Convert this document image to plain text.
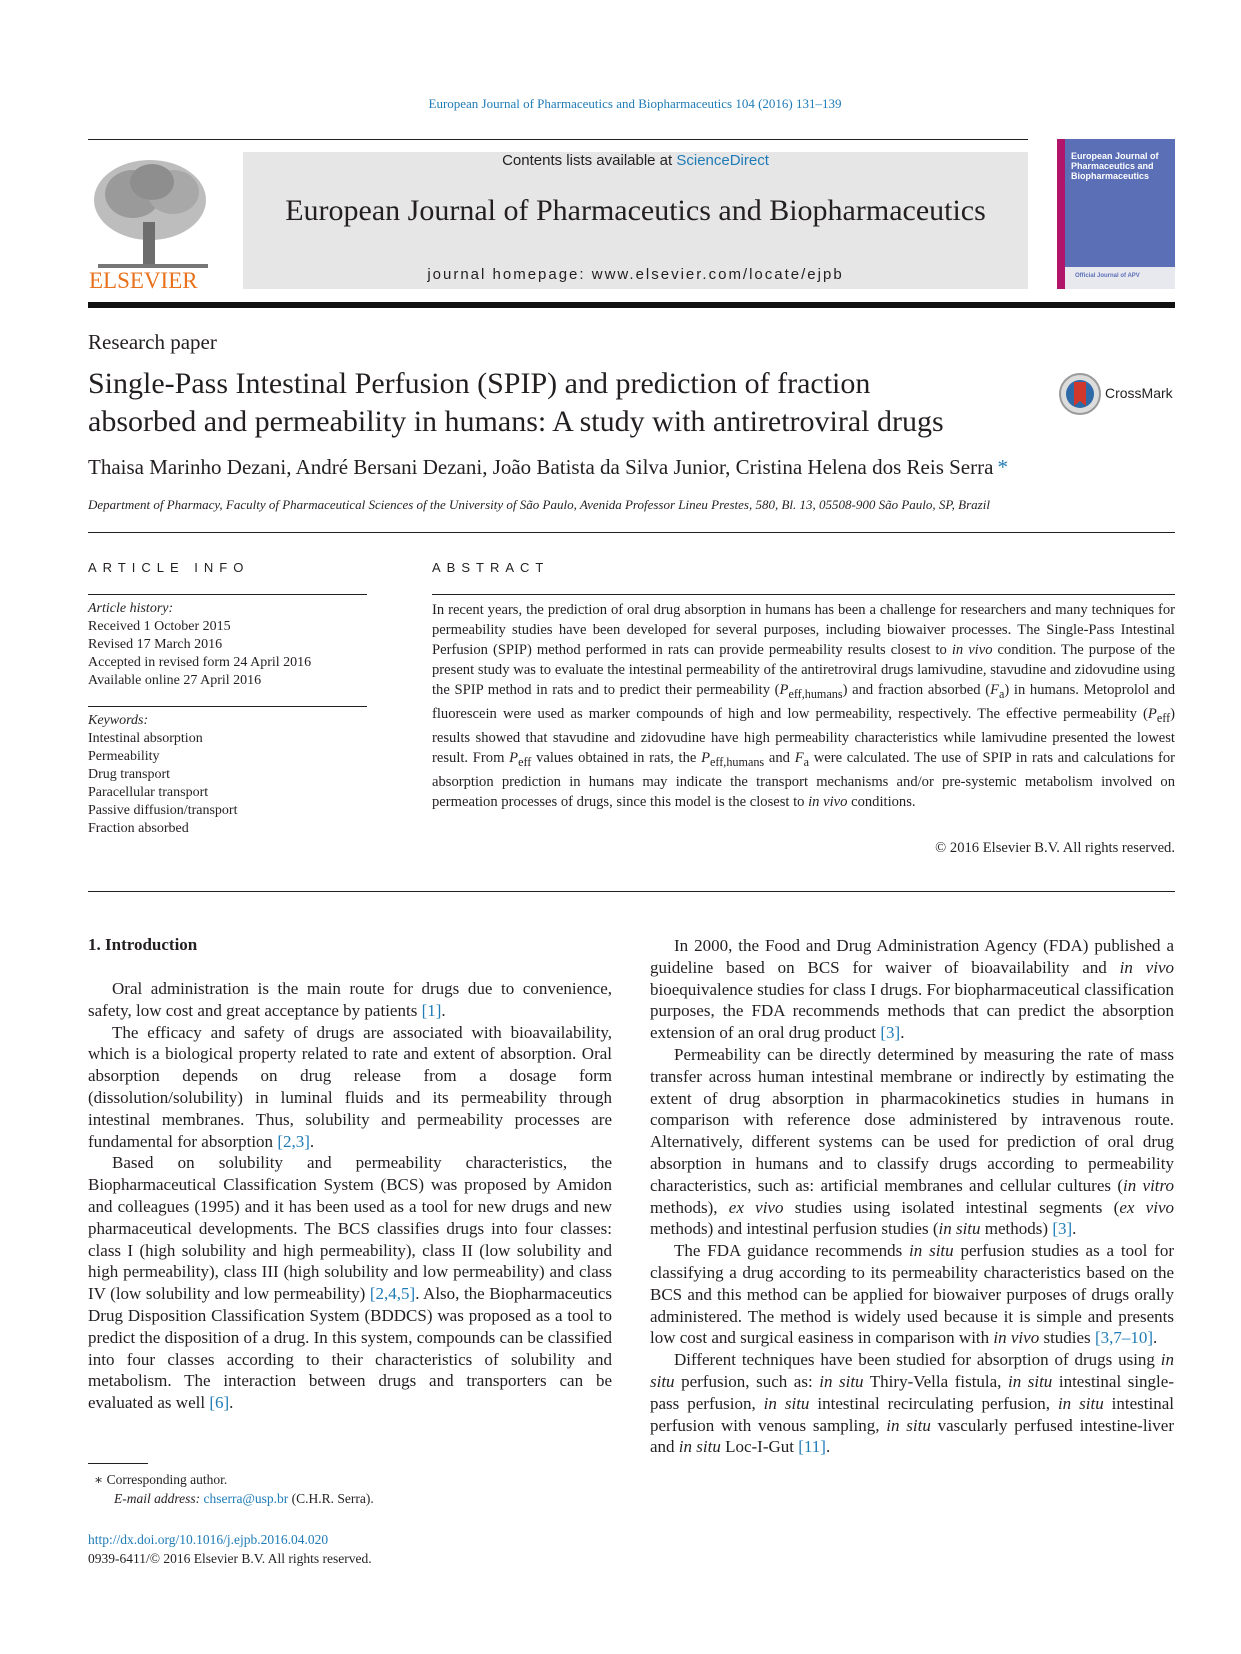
European Journal of Pharmaceutics and Biopharmaceutics 104 (2016) 131–139
ELSEVIER
Contents lists available at ScienceDirect
European Journal of Pharmaceutics and Biopharmaceutics
journal homepage: www.elsevier.com/locate/ejpb
European Journal of Pharmaceutics and Biopharmaceutics
Official Journal of APV
Research paper
Single-Pass Intestinal Perfusion (SPIP) and prediction of fraction
absorbed and permeability in humans: A study with antiretroviral drugs
CrossMark
Thaisa Marinho Dezani, André Bersani Dezani, João Batista da Silva Junior, Cristina Helena dos Reis Serra *
Department of Pharmacy, Faculty of Pharmaceutical Sciences of the University of São Paulo, Avenida Professor Lineu Prestes, 580, Bl. 13, 05508-900 São Paulo, SP, Brazil
ARTICLE INFO	ABSTRACT
Article history:
Received 1 October 2015
Revised 17 March 2016
Accepted in revised form 24 April 2016
Available online 27 April 2016
Keywords:
Intestinal absorption
Permeability
Drug transport
Paracellular transport
Passive diffusion/transport
Fraction absorbed
In recent years, the prediction of oral drug absorption in humans has been a challenge for researchers and many techniques for permeability studies have been developed for several purposes, including biowaiver processes. The Single-Pass Intestinal Perfusion (SPIP) method performed in rats can provide permeability results closest to in vivo condition. The purpose of the present study was to evaluate the intestinal permeability of the antiretroviral drugs lamivudine, stavudine and zidovudine using the SPIP method in rats and to predict their permeability $(P_{eff,humans})$ and fraction absorbed $(F_a)$ in humans. Metoprolol and fluorescein were used as marker compounds of high and low permeability, respectively. The effective permeability $(P_{eff})$ results showed that stavudine and zidovudine have high permeability characteristics while lamivudine presented the lowest result. From $P_{eff}$ values obtained in rats, the $P_{eff,humans}$ and $F_a$ were calculated. The use of SPIP in rats and calculations for absorption prediction in humans may indicate the transport mechanisms and/or pre-systemic metabolism involved on permeation processes of drugs, since this model is the closest to in vivo conditions.
© 2016 Elsevier B.V. All rights reserved.
1. Introduction

Oral administration is the main route for drugs due to convenience, safety, low cost and great acceptance by patients [1].

The efficacy and safety of drugs are associated with bioavailability, which is a biological property related to rate and extent of absorption. Oral absorption depends on drug release from a dosage form (dissolution/solubility) in luminal fluids and its permeability through intestinal membranes. Thus, solubility and permeability processes are fundamental for absorption [2,3].

Based on solubility and permeability characteristics, the Biopharmaceutical Classification System (BCS) was proposed by Amidon and colleagues (1995) and it has been used as a tool for new drugs and new pharmaceutical developments. The BCS classifies drugs into four classes: class I (high solubility and high permeability), class II (low solubility and high permeability), class III (high solubility and low permeability) and class IV (low solubility and low permeability) [2,4,5]. Also, the Biopharmaceutics Drug Disposition Classification System (BDDCS) was proposed as a tool to predict the disposition of a drug. In this system, compounds can be classified into four classes according to their characteristics of solubility and metabolism. The interaction between drugs and transporters can be evaluated as well [6].

In 2000, the Food and Drug Administration Agency (FDA) published a guideline based on BCS for waiver of bioavailability and in vivo bioequivalence studies for class I drugs. For biopharmaceutical classification purposes, the FDA recommends methods that can predict the absorption extension of an oral drug product [3].

Permeability can be directly determined by measuring the rate of mass transfer across human intestinal membrane or indirectly by estimating the extent of drug absorption in pharmacokinetics studies in humans in comparison with reference dose administered by intravenous route. Alternatively, different systems can be used for prediction of oral drug absorption in humans and to classify drugs according to permeability characteristics, such as: artificial membranes and cellular cultures (in vitro methods), ex vivo studies using isolated intestinal segments (ex vivo methods) and intestinal perfusion studies (in situ methods) [3].

The FDA guidance recommends in situ perfusion studies as a tool for classifying a drug according to its permeability characteristics based on the BCS and this method can be applied for biowaiver purposes of drugs orally administered. The method is widely used because it is simple and presents low cost and surgical easiness in comparison with in vivo studies [3,7–10].

Different techniques have been studied for absorption of drugs using in situ perfusion, such as: in situ Thiry-Vella fistula, in situ intestinal single-pass perfusion, in situ intestinal recirculating perfusion, in situ intestinal perfusion with venous sampling, in situ vascularly perfused intestine-liver and in situ Loc-I-Gut [11].

∗ Corresponding author.
E-mail address: chserra@usp.br (C.H.R. Serra).
http://dx.doi.org/10.1016/j.ejpb.2016.04.020
0939-6411/© 2016 Elsevier B.V. All rights reserved.
